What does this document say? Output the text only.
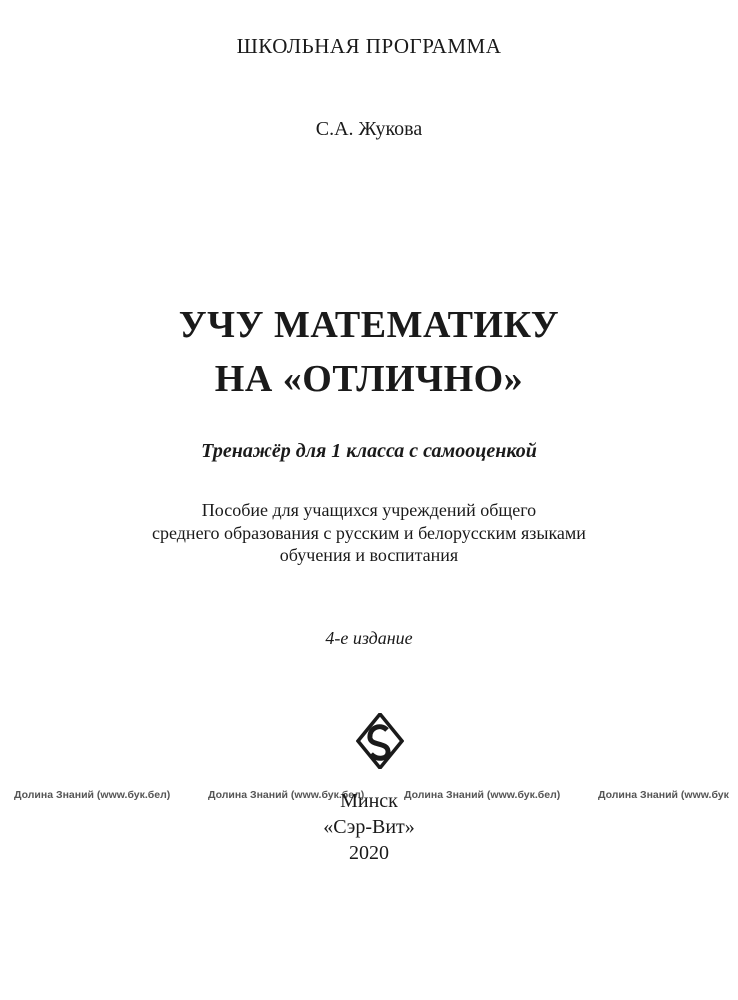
ШКОЛЬНАЯ ПРОГРАММА
С.А. Жукова
УЧУ МАТЕМАТИКУ
НА «ОТЛИЧНО»
Тренажёр для 1 класса с самооценкой
Пособие для учащихся учреждений общего
среднего образования с русским и белорусским языками
обучения и воспитания
4-е издание
Долина Знаний (www.бук.бел)	Долина Знаний (www.бук.бел)	Долина Знаний (www.бук.бел)	Долина Знаний (www.бук
Минск
«Сэр-Вит»
2020
